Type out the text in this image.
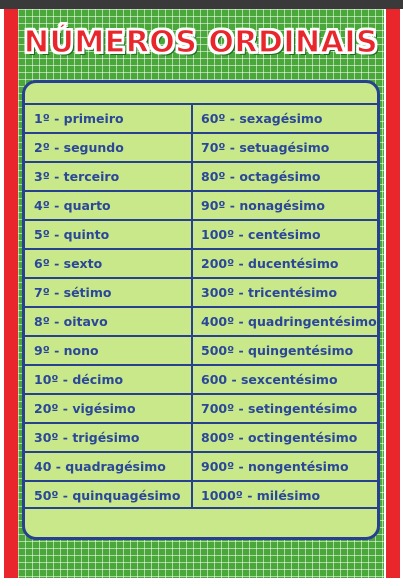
NÚMEROS ORDINAIS
1º - primeiro
2º - segundo
3º - terceiro
4º - quarto
5º - quinto
6º - sexto
7º - sétimo
8º - oitavo
9º - nono
10º - décimo
20º - vigésimo
30º - trigésimo
40 - quadragésimo
50º - quinquagésimo
60º - sexagésimo
70º - setuagésimo
80º - octagésimo
90º - nonagésimo
100º - centésimo
200º - ducentésimo
300º - tricentésimo
400º - quadringentésimo
500º - quingentésimo
600 - sexcentésimo
700º - setingentésimo
800º - octingentésimo
900º - nongentésimo
1000º - milésimo
